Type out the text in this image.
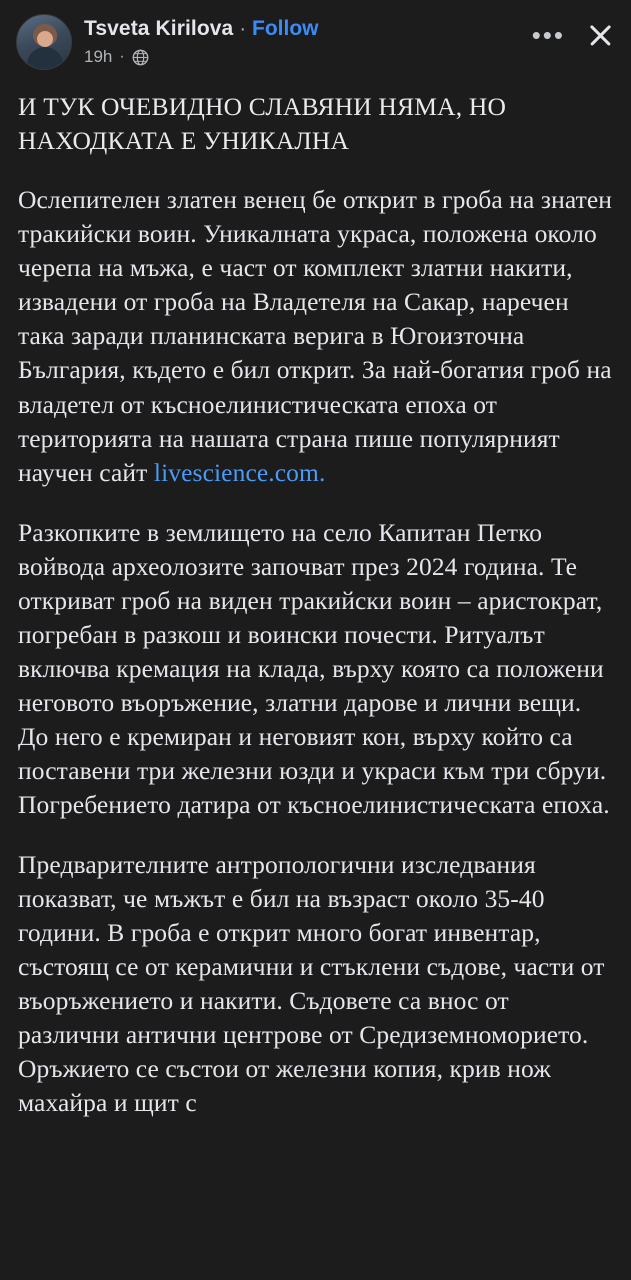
Tsveta Kirilova · Follow
19h ·
•••
И ТУК ОЧЕВИДНО СЛАВЯНИ НЯМА, НО НАХОДКАТА Е УНИКАЛНА
Ослепителен златен венец бе открит в гроба на знатен тракийски воин. Уникалната украса, положена около черепа на мъжа, е част от комплект златни накити, извадени от гроба на Владетеля на Сакар, наречен така заради планинската верига в Югоизточна България, където е бил открит. За най-богатия гроб на владетел от късноелинистическата епоха от територията на нашата страна пише популярният научен сайт livescience.com.
Разкопките в землището на село Капитан Петко войвода археолозите започват през 2024 година. Те откриват гроб на виден тракийски воин – аристократ, погребан в разкош и воински почести. Ритуалът включва кремация на клада, върху която са положени неговото въоръжение, златни дарове и лични вещи. До него е кремиран и неговият кон, върху който са поставени три железни юзди и украси към три сбруи. Погребението датира от късноелинистическата епоха.
Предварителните антропологични изследвания показват, че мъжът е бил на възраст около 35-40 години. В гроба е открит много богат инвентар, състоящ се от керамични и стъклени съдове, части от въоръжението и накити. Съдовете са внос от различни антични центрове от Средиземноморието. Оръжието се състои от железни копия, крив нож махайра и щит с
